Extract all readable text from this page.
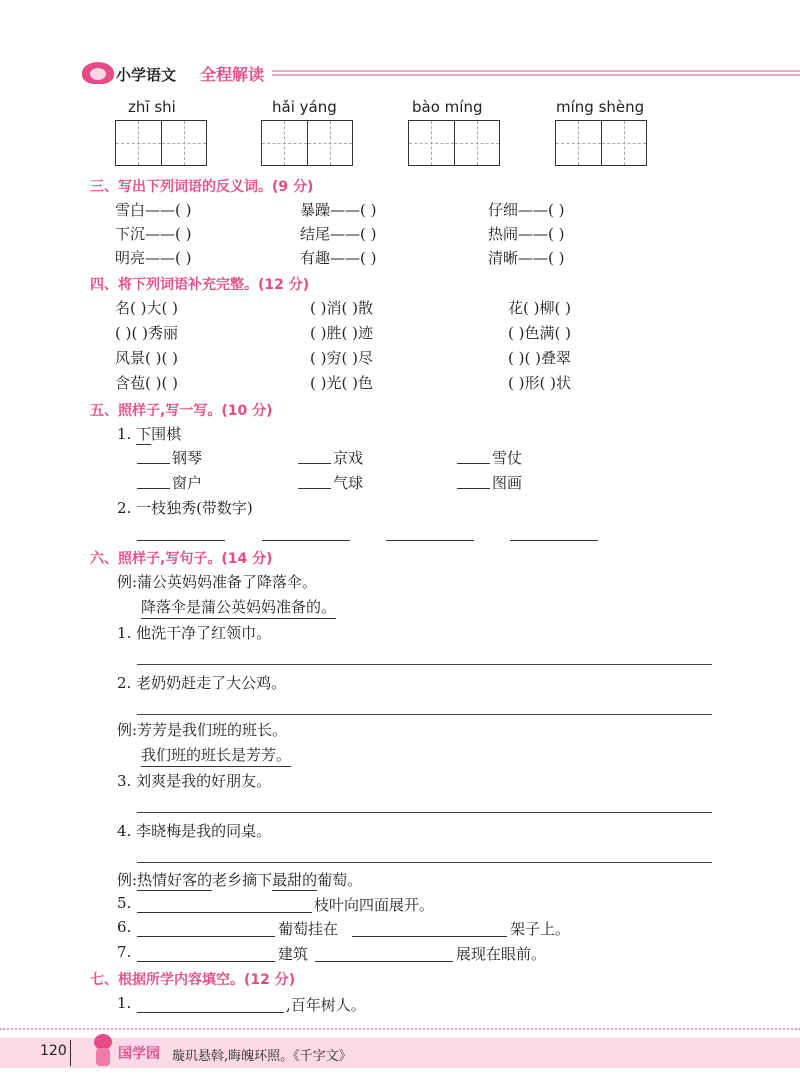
小学语文 全程解读
zhī shi	hǎi yáng	bào míng	míng shèng
三、写出下列词语的反义词。(9 分)
雪白——( )	暴躁——( )	仔细——( )
下沉——( )	结尾——( )	热闹——( )
明亮——( )	有趣——( )	清晰——( )
四、将下列词语补充完整。(12 分)
名( )大( )	( )消( )散	花( )柳( )
( )( )秀丽	( )胜( )迹	( )色满( )
风景( )( )	( )穷( )尽	( )( )叠翠
含苞( )( )	( )光( )色	( )形( )状
五、照样子,写一写。(10 分)
1. 下围棋
钢琴	京戏	雪仗
窗户	气球	图画
2. 一枝独秀(带数字)
六、照样子,写句子。(14 分)
例:蒲公英妈妈准备了降落伞。
降落伞是蒲公英妈妈准备的。
1. 他洗干净了红领巾。
2. 老奶奶赶走了大公鸡。
例:芳芳是我们班的班长。
我们班的班长是芳芳。
3. 刘爽是我的好朋友。
4. 李晓梅是我的同桌。
例:热情好客的老乡摘下最甜的葡萄。
5.	枝叶向四面展开。
6.	葡萄挂在	架子上。
7.	建筑	展现在眼前。
七、根据所学内容填空。(12 分)
1.	,百年树人。
120	国学园 璇玑悬斡,晦魄环照。《千字文》
